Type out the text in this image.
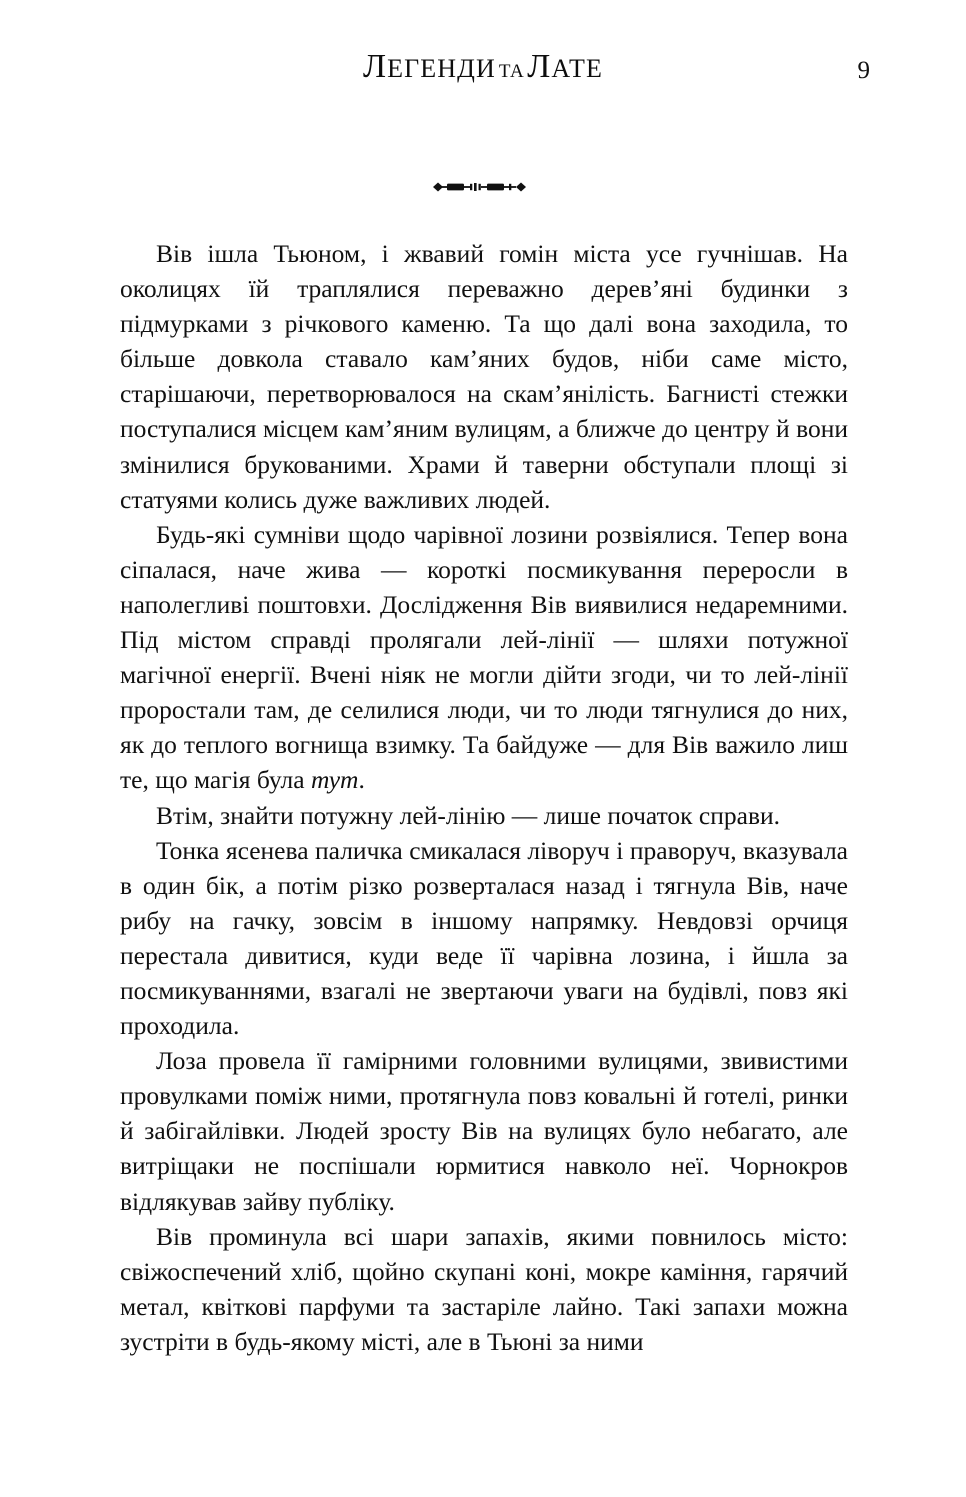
ЛЕГЕНДИ ТАЛАТЕ	9

Вів ішла Тьюном, і жвавий гомін міста усе гучнішав. На околицях їй траплялися переважно дерев’яні будинки з підмурками з річкового каменю. Та що далі вона заходила, то більше довкола ставало кам’яних будов, ніби саме місто, старішаючи, перетворювалося на скам’янілість. Багнисті стежки поступалися місцем кам’яним вулицям, а ближче до центру й вони змінилися брукованими. Храми й таверни обступали площі зі статуями колись дуже важливих людей.

Будь-які сумніви щодо чарівної лозини розвіялися. Тепер вона сіпалася, наче жива — короткі посмикування переросли в наполегливі поштовхи. Дослідження Вів виявилися недаремними. Під містом справді пролягали лей-лінії — шляхи потужної магічної енергії. Вчені ніяк не могли дійти згоди, чи то лей-лінії проростали там, де селилися люди, чи то люди тягнулися до них, як до теплого вогнища взимку. Та байдуже — для Вів важило лиш те, що магія була тут.

Втім, знайти потужну лей-лінію — лише початок справи.

Тонка ясенева паличка смикалася ліворуч і праворуч, вказувала в один бік, а потім різко розверталася назад і тягнула Вів, наче рибу на гачку, зовсім в іншому напрямку. Невдовзі орчиця перестала дивитися, куди веде її чарівна лозина, і йшла за посмикуваннями, взагалі не звертаючи уваги на будівлі, повз які проходила.

Лоза провела її гамірними головними вулицями, звивистими провулками поміж ними, протягнула повз ковальні й готелі, ринки й забігайлівки. Людей зросту Вів на вулицях було небагато, але витріщаки не поспішали юрмитися навколо неї. Чорнокров відлякував зайву публіку.

Вів проминула всі шари запахів, якими повнилось місто: свіжоспечений хліб, щойно скупані коні, мокре каміння, гарячий метал, квіткові парфуми та застаріле лайно. Такі запахи можна зустріти в будь-якому місті, але в Тьюні за ними
